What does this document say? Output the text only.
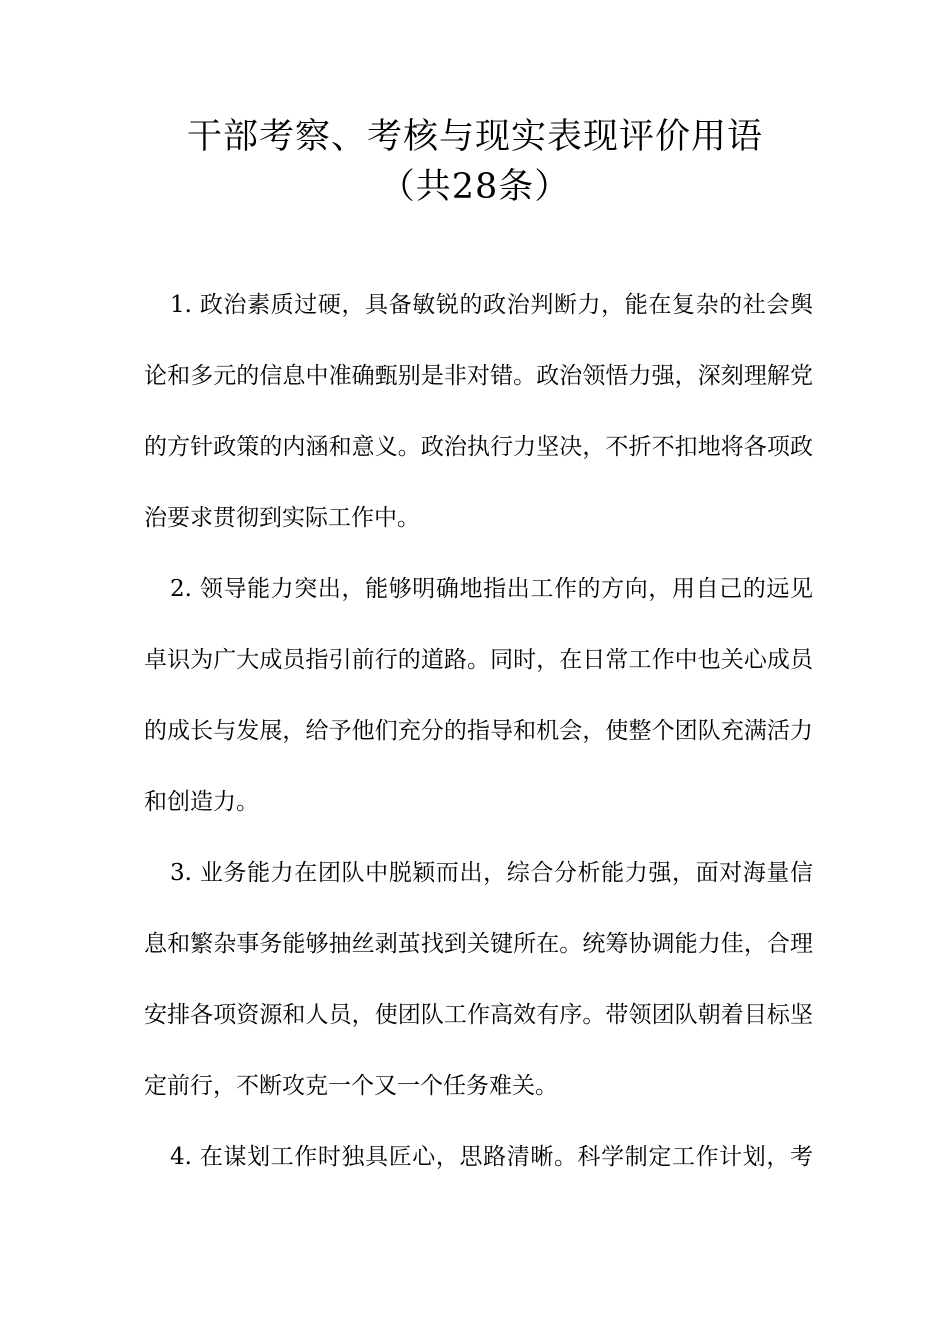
干部考察、考核与现实表现评价用语
（共28条）
1. 政治素质过硬，具备敏锐的政治判断力，能在复杂的社会舆
论和多元的信息中准确甄别是非对错。政治领悟力强，深刻理解党
的方针政策的内涵和意义。政治执行力坚决，不折不扣地将各项政
治要求贯彻到实际工作中。
2. 领导能力突出，能够明确地指出工作的方向，用自己的远见
卓识为广大成员指引前行的道路。同时，在日常工作中也关心成员
的成长与发展，给予他们充分的指导和机会，使整个团队充满活力
和创造力。
3. 业务能力在团队中脱颖而出，综合分析能力强，面对海量信
息和繁杂事务能够抽丝剥茧找到关键所在。统筹协调能力佳，合理
安排各项资源和人员，使团队工作高效有序。带领团队朝着目标坚
定前行，不断攻克一个又一个任务难关。
4. 在谋划工作时独具匠心，思路清晰。科学制定工作计划，考
